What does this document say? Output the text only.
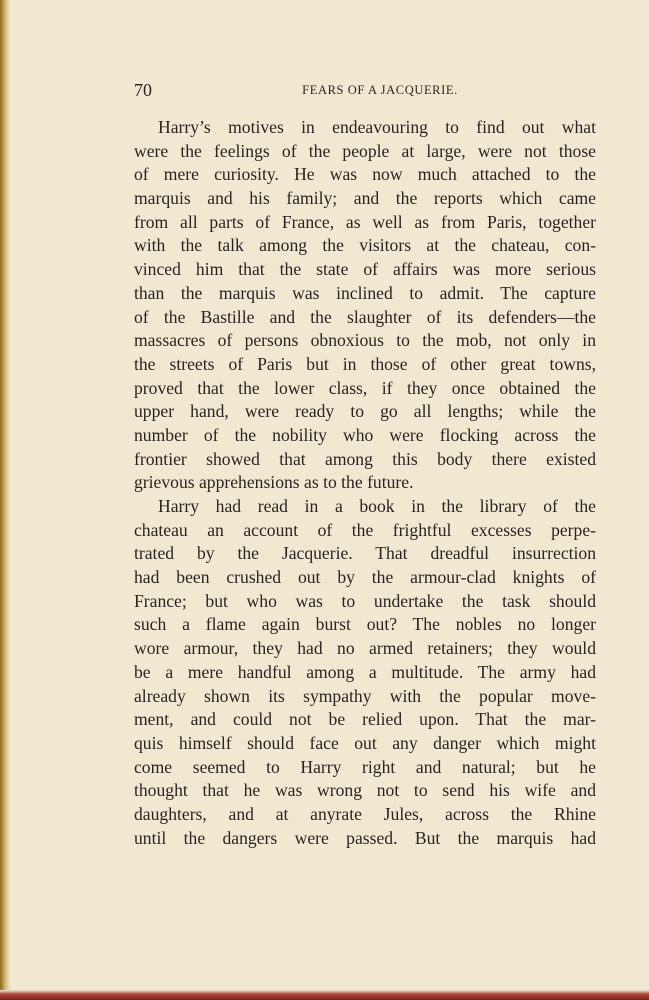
70	FEARS OF A JACQUERIE.
Harry’s motives in endeavouring to find out what
were the feelings of the people at large, were not those
of mere curiosity. He was now much attached to the
marquis and his family; and the reports which came
from all parts of France, as well as from Paris, together
with the talk among the visitors at the chateau, con-
vinced him that the state of affairs was more serious
than the marquis was inclined to admit. The capture
of the Bastille and the slaughter of its defenders—the
massacres of persons obnoxious to the mob, not only in
the streets of Paris but in those of other great towns,
proved that the lower class, if they once obtained the
upper hand, were ready to go all lengths; while the
number of the nobility who were flocking across the
frontier showed that among this body there existed
grievous apprehensions as to the future.
Harry had read in a book in the library of the
chateau an account of the frightful excesses perpe-
trated by the Jacquerie. That dreadful insurrection
had been crushed out by the armour-clad knights of
France; but who was to undertake the task should
such a flame again burst out? The nobles no longer
wore armour, they had no armed retainers; they would
be a mere handful among a multitude. The army had
already shown its sympathy with the popular move-
ment, and could not be relied upon. That the mar-
quis himself should face out any danger which might
come seemed to Harry right and natural; but he
thought that he was wrong not to send his wife and
daughters, and at anyrate Jules, across the Rhine
until the dangers were passed. But the marquis had
